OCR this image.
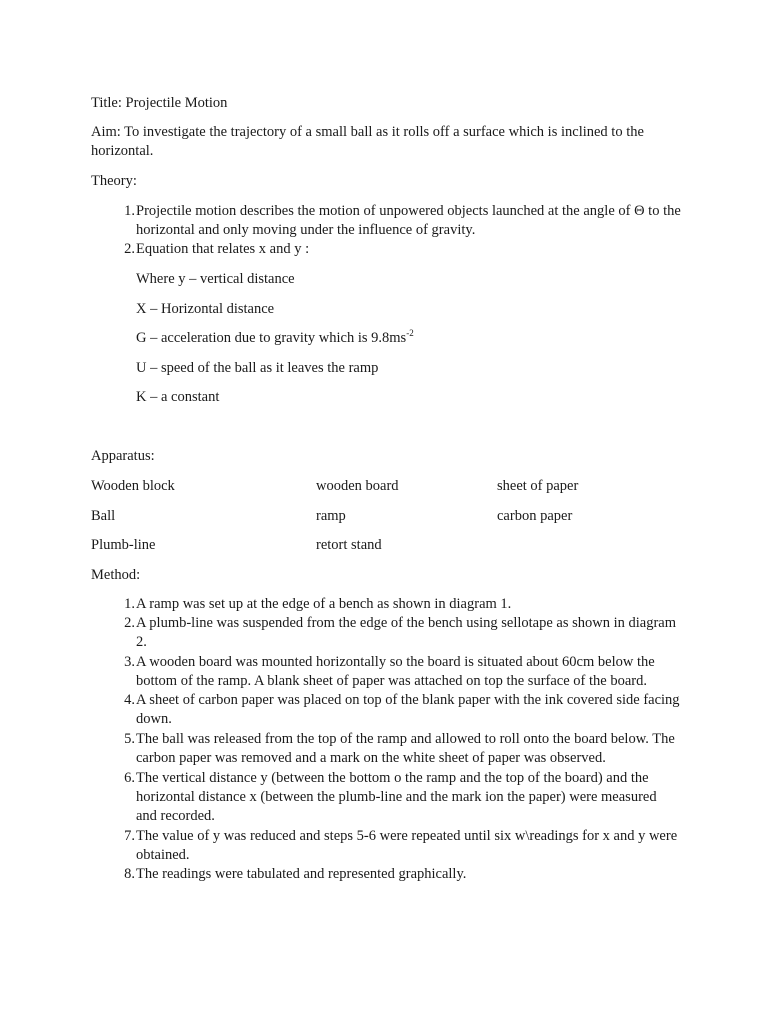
Title: Projectile Motion
Aim: To investigate the trajectory of a small ball as it rolls off a surface which is inclined to the horizontal.
Theory:
1. Projectile motion describes the motion of unpowered objects launched at the angle of Θ to the horizontal and only moving under the influence of gravity.
2. Equation that relates x and y :
Where y – vertical distance
X – Horizontal distance
G – acceleration due to gravity which is $9.8ms^{-2}$
U – speed of the ball as it leaves the ramp
K – a constant
Apparatus:
Wooden block	wooden board	sheet of paper
Ball	ramp	carbon paper
Plumb-line	retort stand
Method:
1. A ramp was set up at the edge of a bench as shown in diagram 1.
2. A plumb-line was suspended from the edge of the bench using sellotape as shown in diagram 2.
3. A wooden board was mounted horizontally so the board is situated about 60cm below the bottom of the ramp. A blank sheet of paper was attached on top the surface of the board.
4. A sheet of carbon paper was placed on top of the blank paper with the ink covered side facing down.
5. The ball was released from the top of the ramp and allowed to roll onto the board below. The carbon paper was removed and a mark on the white sheet of paper was observed.
6. The vertical distance y (between the bottom o the ramp and the top of the board) and the horizontal distance x (between the plumb-line and the mark ion the paper) were measured and recorded.
7. The value of y was reduced and steps 5-6 were repeated until six w\readings for x and y were obtained.
8. The readings were tabulated and represented graphically.
